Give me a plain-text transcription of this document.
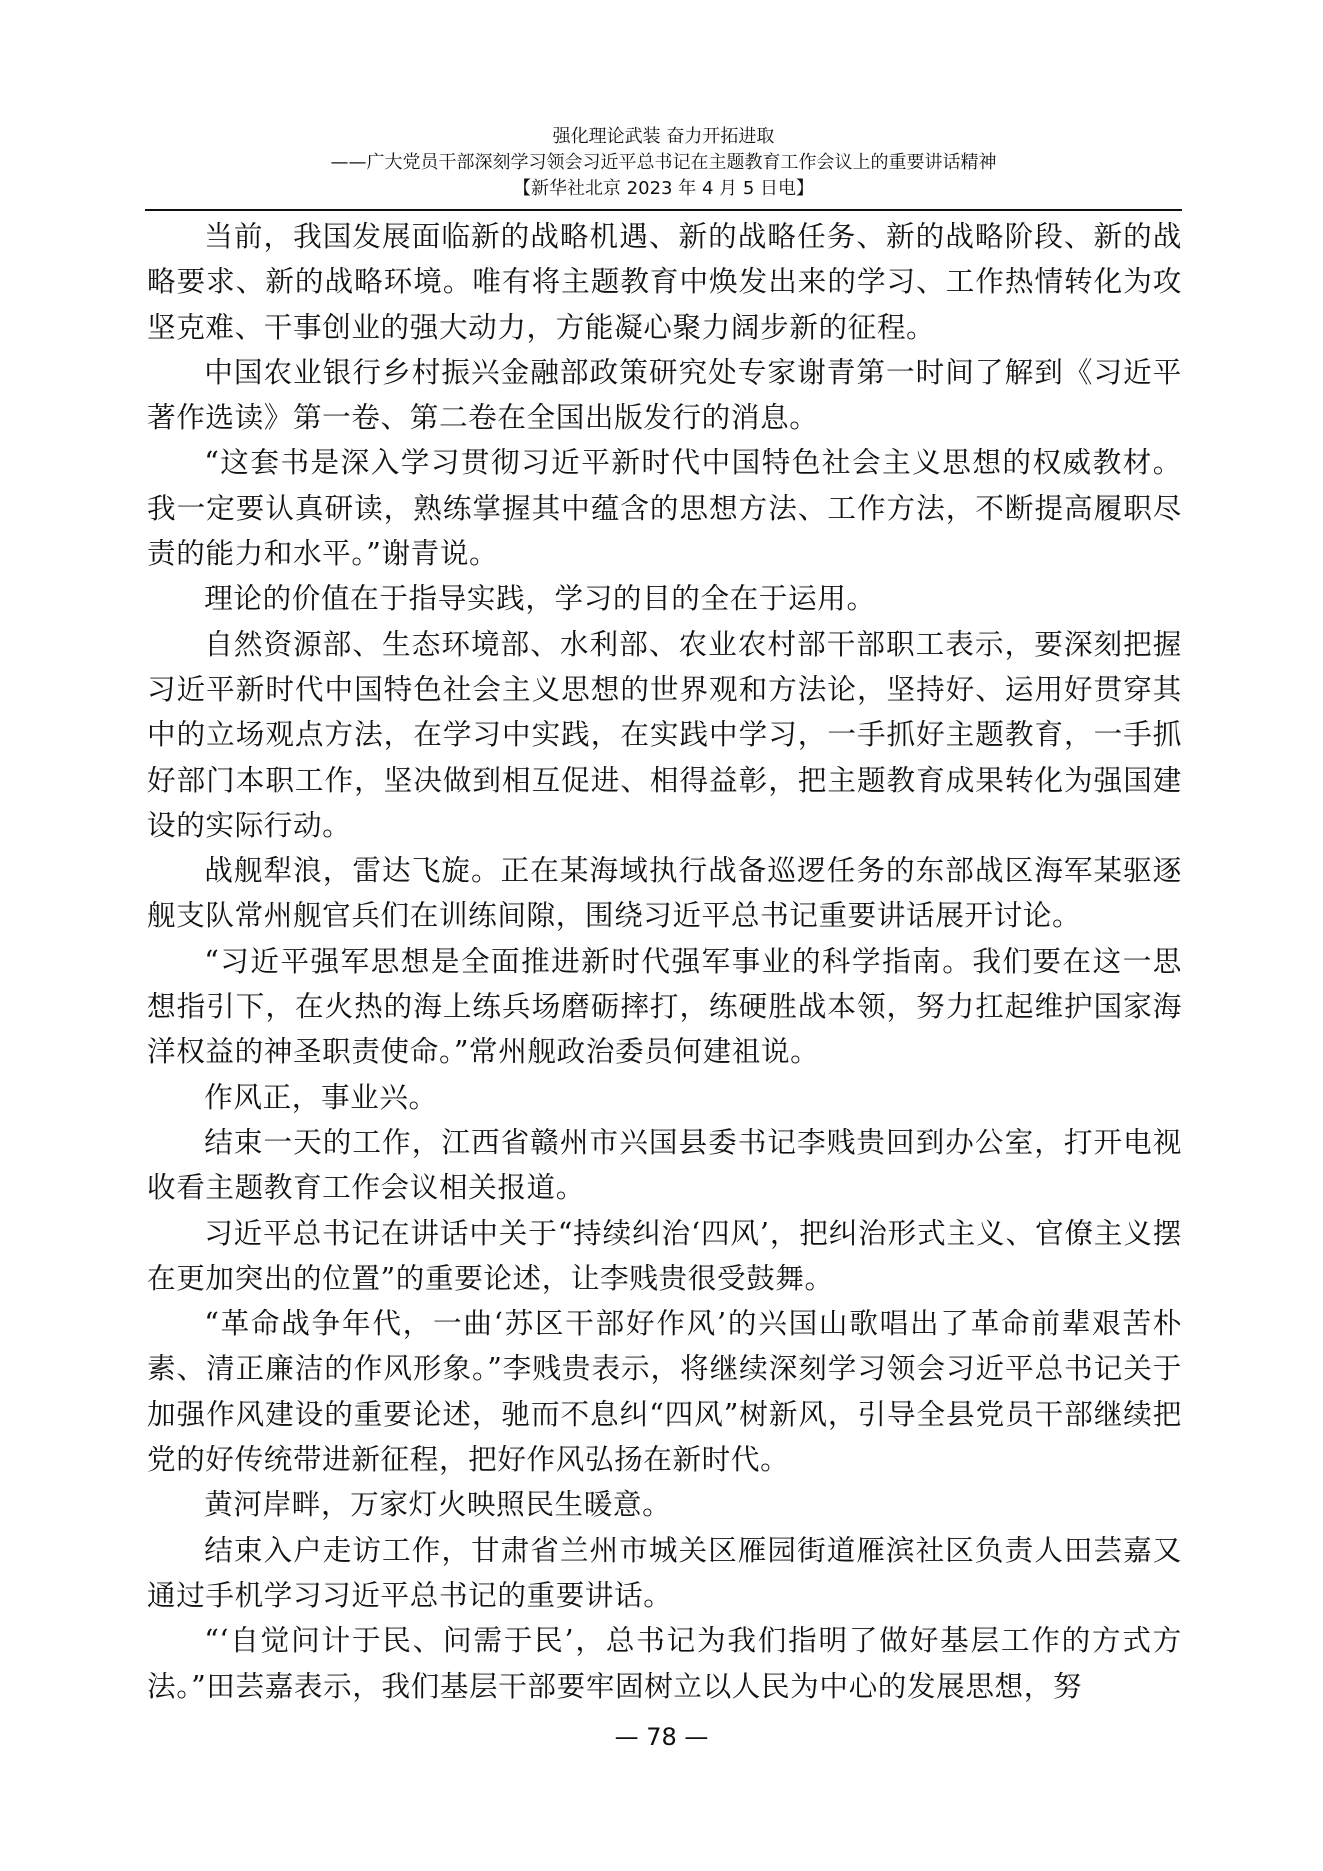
强化理论武装 奋力开拓进取
——广大党员干部深刻学习领会习近平总书记在主题教育工作会议上的重要讲话精神
【新华社北京 2023 年 4 月 5 日电】

当前，我国发展面临新的战略机遇、新的战略任务、新的战略阶段、新的战略要求、新的战略环境。唯有将主题教育中焕发出来的学习、工作热情转化为攻坚克难、干事创业的强大动力，方能凝心聚力阔步新的征程。

中国农业银行乡村振兴金融部政策研究处专家谢青第一时间了解到《习近平著作选读》第一卷、第二卷在全国出版发行的消息。

“这套书是深入学习贯彻习近平新时代中国特色社会主义思想的权威教材。我一定要认真研读，熟练掌握其中蕴含的思想方法、工作方法，不断提高履职尽责的能力和水平。”谢青说。

理论的价值在于指导实践，学习的目的全在于运用。

自然资源部、生态环境部、水利部、农业农村部干部职工表示，要深刻把握习近平新时代中国特色社会主义思想的世界观和方法论，坚持好、运用好贯穿其中的立场观点方法，在学习中实践，在实践中学习，一手抓好主题教育，一手抓好部门本职工作，坚决做到相互促进、相得益彰，把主题教育成果转化为强国建设的实际行动。

战舰犁浪，雷达飞旋。正在某海域执行战备巡逻任务的东部战区海军某驱逐舰支队常州舰官兵们在训练间隙，围绕习近平总书记重要讲话展开讨论。

“习近平强军思想是全面推进新时代强军事业的科学指南。我们要在这一思想指引下，在火热的海上练兵场磨砺摔打，练硬胜战本领，努力扛起维护国家海洋权益的神圣职责使命。”常州舰政治委员何建祖说。

作风正，事业兴。

结束一天的工作，江西省赣州市兴国县委书记李贱贵回到办公室，打开电视收看主题教育工作会议相关报道。

习近平总书记在讲话中关于“持续纠治‘四风’，把纠治形式主义、官僚主义摆在更加突出的位置”的重要论述，让李贱贵很受鼓舞。

“革命战争年代，一曲‘苏区干部好作风’的兴国山歌唱出了革命前辈艰苦朴素、清正廉洁的作风形象。”李贱贵表示，将继续深刻学习领会习近平总书记关于加强作风建设的重要论述，驰而不息纠“四风”树新风，引导全县党员干部继续把党的好传统带进新征程，把好作风弘扬在新时代。

黄河岸畔，万家灯火映照民生暖意。

结束入户走访工作，甘肃省兰州市城关区雁园街道雁滨社区负责人田芸嘉又通过手机学习习近平总书记的重要讲话。

“‘自觉问计于民、问需于民’，总书记为我们指明了做好基层工作的方式方法。”田芸嘉表示，我们基层干部要牢固树立以人民为中心的发展思想，努

— 78 —
